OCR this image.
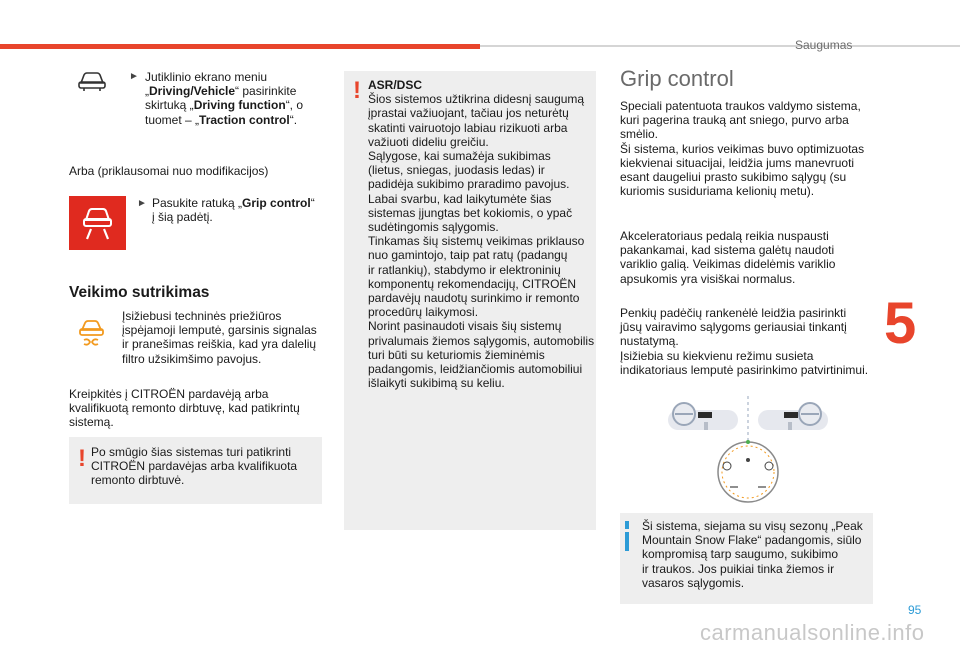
Saugumas
5
95
► Jutiklinio ekrano meniu
„Driving/Vehicle“ pasirinkite
skirtuką „Driving function“, o
tuomet – „Traction control“.
Arba (priklausomai nuo modifikacijos)
► Pasukite ratuką „Grip control“
į šią padėtį.
Veikimo sutrikimas
Įsižiebusi techninės priežiūros
įspėjamoji lemputė, garsinis signalas
ir pranešimas reiškia, kad yra dalelių
filtro užsikimšimo pavojus.
Kreipkitės į CITROËN pardavėją arba
kvalifikuotą remonto dirbtuvę, kad patikrintų
sistemą.
! Po smūgio šias sistemas turi patikrinti
CITROËN pardavėjas arba kvalifikuota
remonto dirbtuvė.
! ASR/DSC
Šios sistemos užtikrina didesnį saugumą
įprastai važiuojant, tačiau jos neturėtų
skatinti vairuotojo labiau rizikuoti arba
važiuoti dideliu greičiu.
Sąlygose, kai sumažėja sukibimas
(lietus, sniegas, juodasis ledas) ir
padidėja sukibimo praradimo pavojus.
Labai svarbu, kad laikytumėte šias
sistemas įjungtas bet kokiomis, o ypač
sudėtingomis sąlygomis.
Tinkamas šių sistemų veikimas priklauso
nuo gamintojo, taip pat ratų (padangų
ir ratlankių), stabdymo ir elektroninių
komponentų rekomendacijų, CITROËN
pardavėjų naudotų surinkimo ir remonto
procedūrų laikymosi.
Norint pasinaudoti visais šių sistemų
privalumais žiemos sąlygomis, automobilis
turi būti su keturiomis žieminėmis
padangomis, leidžiančiomis automobiliui
išlaikyti sukibimą su keliu.
Grip control
Speciali patentuota traukos valdymo sistema,
kuri pagerina trauką ant sniego, purvo arba
smėlio.
Ši sistema, kurios veikimas buvo optimizuotas
kiekvienai situacijai, leidžia jums manevruoti
esant daugeliui prasto sukibimo sąlygų (su
kuriomis susiduriama kelionių metu).
Akceleratoriaus pedalą reikia nuspausti
pakankamai, kad sistema galėtų naudoti
variklio galią. Veikimas didelėmis variklio
apsukomis yra visiškai normalus.
Penkių padėčių rankenėlė leidžia pasirinkti
jūsų vairavimo sąlygoms geriausiai tinkantį
nustatymą.
Įsižiebia su kiekvienu režimu susieta
indikatoriaus lemputė pasirinkimo patvirtinimui.
Ši sistema, siejama su visų sezonų „Peak
Mountain Snow Flake“ padangomis, siūlo
kompromisą tarp saugumo, sukibimo
ir traukos. Jos puikiai tinka žiemos ir
vasaros sąlygomis.
carmanualsonline.info
